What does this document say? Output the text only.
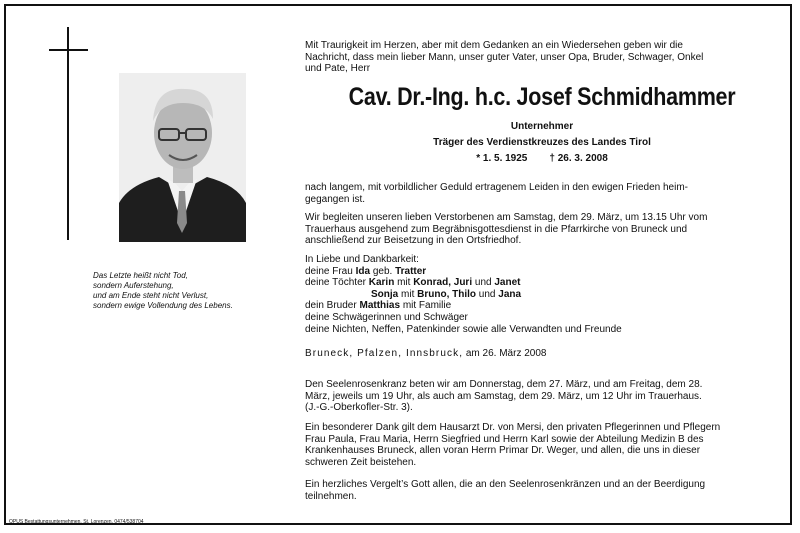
Das Letzte heißt nicht Tod,
sondern Auferstehung,
und am Ende steht nicht Verlust,
sondern ewige Vollendung des Lebens.
Mit Traurigkeit im Herzen, aber mit dem Gedanken an ein Wiedersehen geben wir die
Nachricht, dass mein lieber Mann, unser guter Vater, unser Opa, Bruder, Schwager, Onkel
und Pate, Herr
Cav. Dr.-Ing. h.c. Josef Schmidhammer
Unternehmer
Träger des Verdienstkreuzes des Landes Tirol
* 1. 5. 1925 † 26. 3. 2008
nach langem, mit vorbildlicher Geduld ertragenem Leiden in den ewigen Frieden heim-
gegangen ist.
Wir begleiten unseren lieben Verstorbenen am Samstag, dem 29. März, um 13.15 Uhr vom
Trauerhaus ausgehend zum Begräbnisgottesdienst in die Pfarrkirche von Bruneck und
anschließend zur Beisetzung in den Ortsfriedhof.
In Liebe und Dankbarkeit:
deine Frau Ida geb. Tratter
deine Töchter Karin mit Konrad, Juri und Janet
Sonja mit Bruno, Thilo und Jana
dein Bruder Matthias mit Familie
deine Schwägerinnen und Schwäger
deine Nichten, Neffen, Patenkinder sowie alle Verwandten und Freunde
Bruneck, Pfalzen, Innsbruck, am 26. März 2008
Den Seelenrosenkranz beten wir am Donnerstag, dem 27. März, und am Freitag, dem 28.
März, jeweils um 19 Uhr, als auch am Samstag, dem 29. März, um 12 Uhr im Trauerhaus.
(J.-G.-Oberkofler-Str. 3).
Ein besonderer Dank gilt dem Hausarzt Dr. von Mersi, den privaten Pflegerinnen und Pflegern
Frau Paula, Frau Maria, Herrn Siegfried und Herrn Karl sowie der Abteilung Medizin B des
Krankenhauses Bruneck, allen voran Herrn Primar Dr. Weger, und allen, die uns in dieser
schweren Zeit beistehen.
Ein herzliches Vergelt’s Gott allen, die an den Seelenrosenkränzen und an der Beerdigung
teilnehmen.
OPUS Bestattungsunternehmen, St. Lorenzen, 0474/538704
